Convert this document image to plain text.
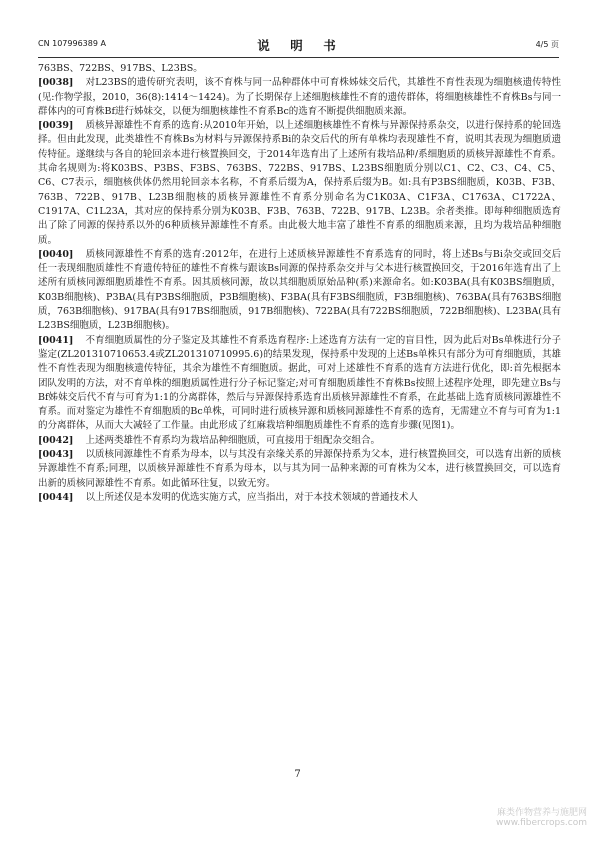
CN 107996389 A	说　明　书	4/5 页

763BS、722BS、917BS、L23BS。

[0038] 对L23BS的遗传研究表明，该不育株与同一品种群体中可育株姊妹交后代，其雄性不育性表现为细胞核遗传特性(见:作物学报，2010，36(8):1414～1424)。为了长期保存上述细胞核雄性不育的遗传群体，将细胞核雄性不育株Bs与同一群体内的可育株Bf进行姊妹交，以便为细胞核雄性不育系Bc的选育不断提供细胞质来源。

[0039] 质核异源雄性不育系的选育:从2010年开始，以上述细胞核雄性不育株与异源保持系杂交，以进行保持系的轮回选择。但由此发现，此类雄性不育株Bs为材料与异源保持系Bi的杂交后代的所有单株均表现雄性不育，说明其表现为细胞质遗传特征。遂继续与各自的轮回亲本进行核置换回交，于2014年选育出了上述所有栽培品种/系细胞质的质核异源雄性不育系。其命名规则为:将K03BS、P3BS、F3BS、763BS、722BS、917BS、L23BS细胞质分别以C1、C2、C3、C4、C5、C6、C7表示，细胞核供体仍然用轮回亲本名称，不育系后缀为A，保持系后缀为B。如:具有P3BS细胞质，K03B、F3B、763B、722B、917B、L23B细胞核的质核异源雄性不育系分别命名为C1K03A、C1F3A、C1763A、C1722A、C1917A、C1L23A，其对应的保持系分别为K03B、F3B、763B、722B、917B、L23B。余者类推。即每种细胞质选育出了除了同源的保持系以外的6种质核异源雄性不育系。由此极大地丰富了雄性不育系的细胞质来源，且均为栽培品种细胞质。

[0040] 质核同源雄性不育系的选育:2012年，在进行上述质核异源雄性不育系选育的同时，将上述Bs与Bi杂交或回交后任一表现细胞质雄性不育遗传特征的雄性不育株与跟该Bs同源的保持系杂交并与父本进行核置换回交，于2016年选育出了上述所有质核同源细胞质雄性不育系。因其质核同源，故以其细胞质原始品种(系)来源命名。如:K03BA(具有K03BS细胞质，K03B细胞核)、P3BA(具有P3BS细胞质，P3B细胞核)、F3BA(具有F3BS细胞质，F3B细胞核)、763BA(具有763BS细胞质，763B细胞核)、917BA(具有917BS细胞质，917B细胞核)、722BA(具有722BS细胞质，722B细胞核)、L23BA(具有L23BS细胞质，L23B细胞核)。

[0041] 不育细胞质属性的分子鉴定及其雄性不育系选育程序:上述选育方法有一定的盲目性，因为此后对Bs单株进行分子鉴定(ZL201310710653.4或ZL201310710995.6)的结果发现，保持系中发现的上述Bs单株只有部分为可育细胞质，其雄性不育性表现为细胞核遗传特征，其余为雄性不育细胞质。据此，可对上述雄性不育系的选育方法进行优化，即:首先根据本团队发明的方法，对不育单株的细胞质属性进行分子标记鉴定;对可育细胞质雄性不育株Bs按照上述程序处理，即先建立Bs与Bf姊妹交后代不育与可育为1:1的分离群体，然后与异源保持系选育出质核异源雄性不育系，在此基础上选育质核同源雄性不育系。而对鉴定为雄性不育细胞质的Bc单株，可同时进行质核异源和质核同源雄性不育系的选育，无需建立不育与可育为1:1的分离群体，从而大大减轻了工作量。由此形成了红麻栽培种细胞质雄性不育系的选育步骤(见图1)。

[0042] 上述两类雄性不育系均为栽培品种细胞质，可直接用于组配杂交组合。

[0043] 以质核同源雄性不育系为母本，以与其没有亲缘关系的异源保持系为父本，进行核置换回交，可以选育出新的质核异源雄性不育系;同理，以质核异源雄性不育系为母本，以与其为同一品种来源的可育株为父本，进行核置换回交，可以选育出新的质核同源雄性不育系。如此循环往复，以致无穷。

[0044] 以上所述仅是本发明的优选实施方式，应当指出，对于本技术领域的普通技术人

7
麻类作物营养与施肥网
www.fibercrops.com
